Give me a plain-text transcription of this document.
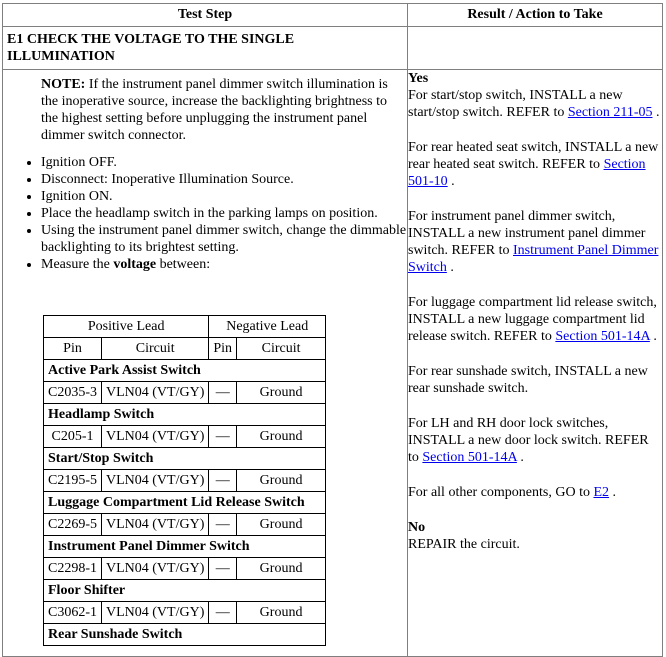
Test Step	Result / Action to Take

E1 CHECK THE VOLTAGE TO THE SINGLE ILLUMINATION

NOTE: If the instrument panel dimmer switch illumination is the inoperative source, increase the backlighting brightness to the highest setting before unplugging the instrument panel dimmer switch connector.
• Ignition OFF.
• Disconnect: Inoperative Illumination Source.
• Ignition ON.
• Place the headlamp switch in the parking lamps on position.
• Using the instrument panel dimmer switch, change the dimmable backlighting to its brightest setting.
• Measure the voltage between:
Positive Lead	Negative Lead
Pin	Circuit	Pin	Circuit
Active Park Assist Switch
C2035-3	VLN04 (VT/GY)	—	Ground
Headlamp Switch
C205-1	VLN04 (VT/GY)	—	Ground
Start/Stop Switch
C2195-5	VLN04 (VT/GY)	—	Ground
Luggage Compartment Lid Release Switch
C2269-5	VLN04 (VT/GY)	—	Ground
Instrument Panel Dimmer Switch
C2298-1	VLN04 (VT/GY)	—	Ground
Floor Shifter
C3062-1	VLN04 (VT/GY)	—	Ground
Rear Sunshade Switch

Yes

For start/stop switch, INSTALL a new start/stop switch. REFER to Section 211-05 .

For rear heated seat switch, INSTALL a new rear heated seat switch. REFER to Section 501-10 .

For instrument panel dimmer switch, INSTALL a new instrument panel dimmer switch. REFER to Instrument Panel Dimmer Switch .

For luggage compartment lid release switch, INSTALL a new luggage compartment lid release switch. REFER to Section 501-14A .

For rear sunshade switch, INSTALL a new rear sunshade switch.

For LH and RH door lock switches, INSTALL a new door lock switch. REFER to Section 501-14A .

For all other components, GO to E2 .

No

REPAIR the circuit.
